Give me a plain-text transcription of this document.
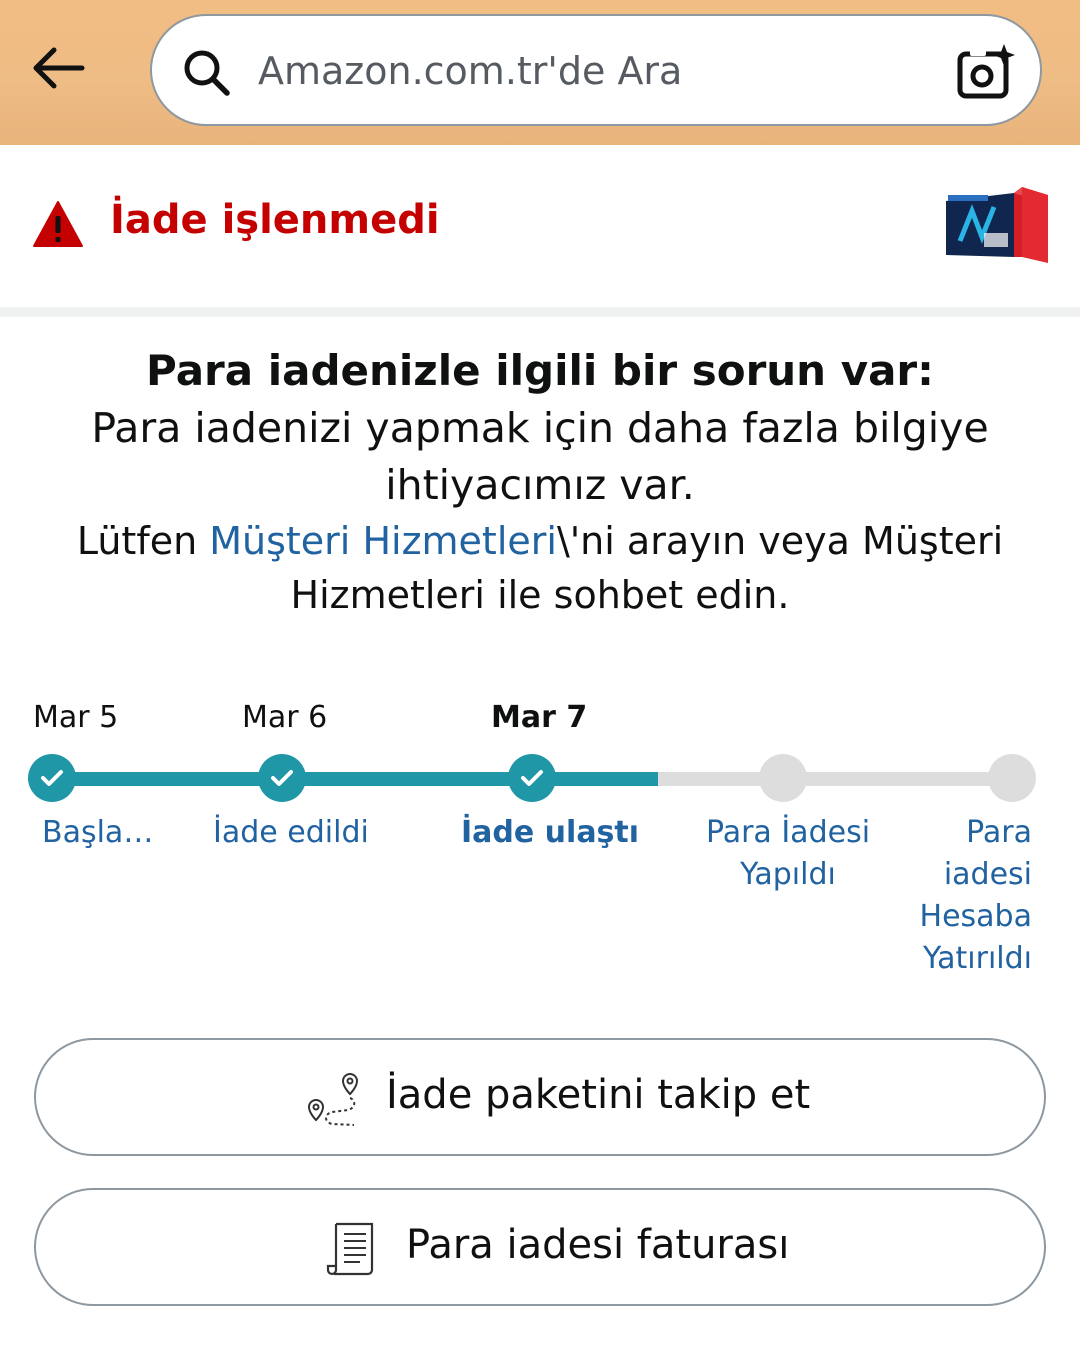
Amazon.com.tr'de Ara
İade işlenmedi
Para iadenizle ilgili bir sorun var:
Para iadenizi yapmak için daha fazla bilgiye ihtiyacımız var.
Lütfen Müşteri Hizmetleri\'ni arayın veya Müşteri Hizmetleri ile sohbet edin.
Mar 5	Mar 6	Mar 7
Başla…	İade edildi	İade ulaştı	Para İadesi Yapıldı
Para iadesi Hesaba Yatırıldı
İade paketini takip et
Para iadesi faturası
